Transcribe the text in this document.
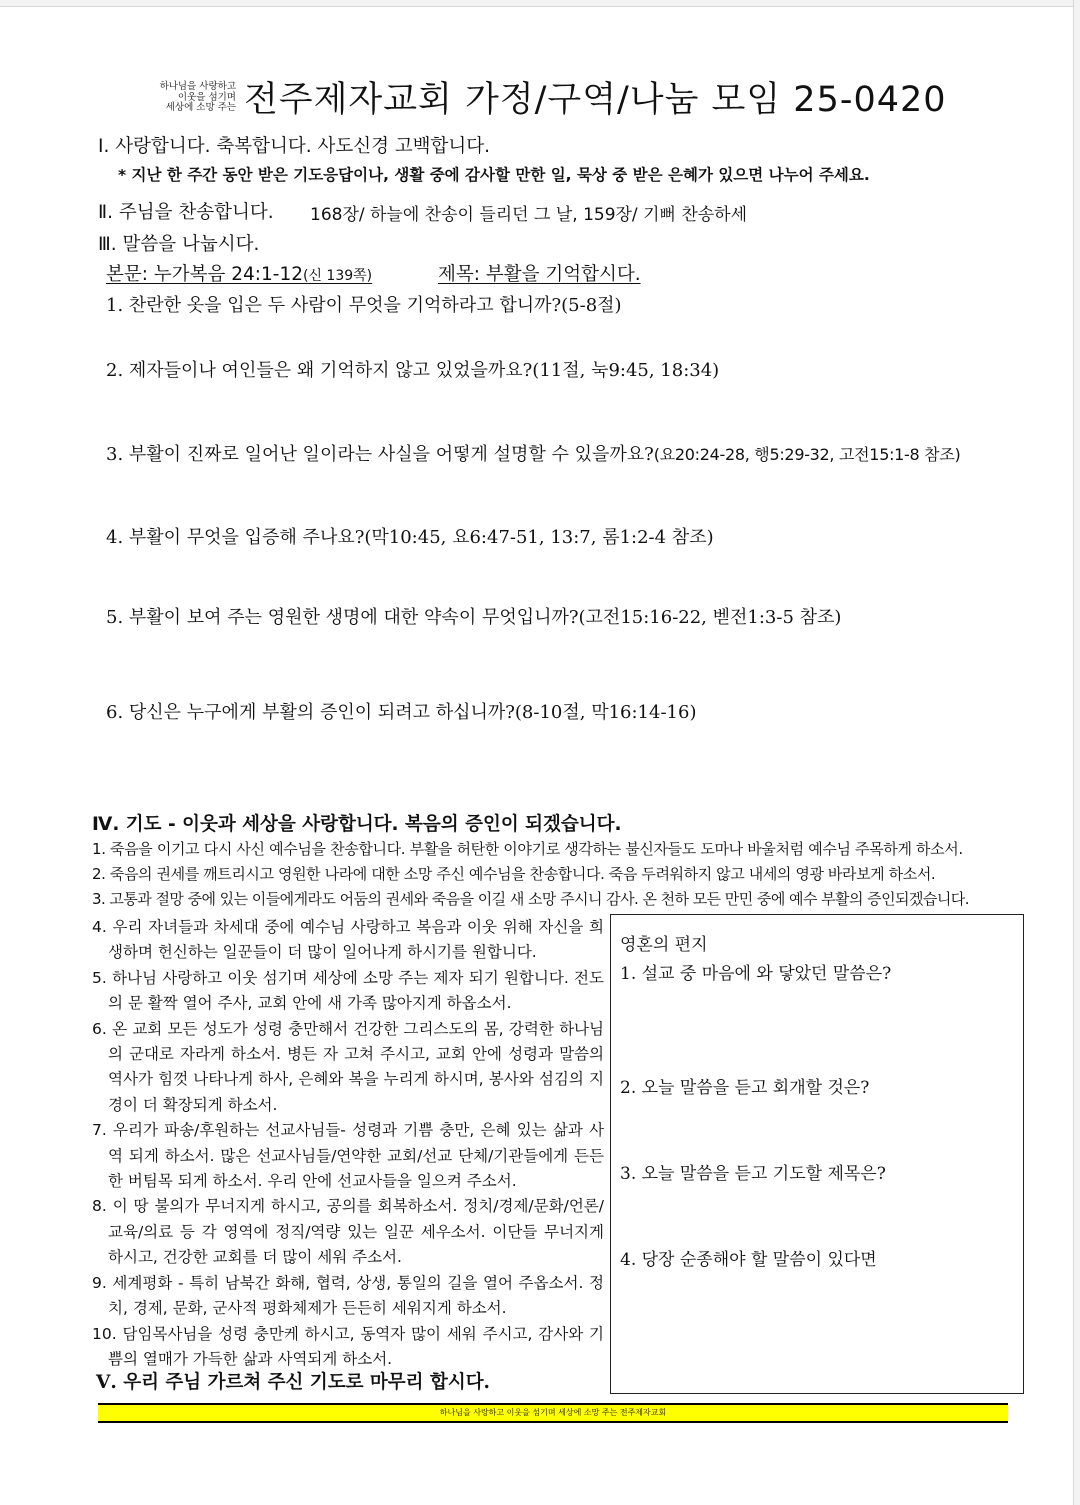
하나님을 사랑하고
이웃을 섬기며
세상에 소망 주는 전주제자교회 가정/구역/나눔 모임 25-0420
Ⅰ. 사랑합니다. 축복합니다. 사도신경 고백합니다.
* 지난 한 주간 동안 받은 기도응답이나, 생활 중에 감사할 만한 일, 묵상 중 받은 은혜가 있으면 나누어 주세요.
Ⅱ. 주님을 찬송합니다. 168장/ 하늘에 찬송이 들리던 그 날, 159장/ 기뻐 찬송하세
Ⅲ. 말씀을 나눕시다.
본문: 누가복음 24:1-12(신 139쪽)	제목: 부활을 기억합시다.
1. 찬란한 옷을 입은 두 사람이 무엇을 기억하라고 합니까?(5-8절)
2. 제자들이나 여인들은 왜 기억하지 않고 있었을까요?(11절, 눅9:45, 18:34)
3. 부활이 진짜로 일어난 일이라는 사실을 어떻게 설명할 수 있을까요?(요20:24-28, 행5:29-32, 고전15:1-8 참조)
4. 부활이 무엇을 입증해 주나요?(막10:45, 요6:47-51, 13:7, 롬1:2-4 참조)
5. 부활이 보여 주는 영원한 생명에 대한 약속이 무엇입니까?(고전15:16-22, 벧전1:3-5 참조)
6. 당신은 누구에게 부활의 증인이 되려고 하십니까?(8-10절, 막16:14-16)
Ⅳ. 기도 - 이웃과 세상을 사랑합니다. 복음의 증인이 되겠습니다.
1. 죽음을 이기고 다시 사신 예수님을 찬송합니다. 부활을 허탄한 이야기로 생각하는 불신자들도 도마나 바울처럼 예수님 주목하게 하소서.
2. 죽음의 권세를 깨트리시고 영원한 나라에 대한 소망 주신 예수님을 찬송합니다. 죽음 두려워하지 않고 내세의 영광 바라보게 하소서.
3. 고통과 절망 중에 있는 이들에게라도 어둠의 권세와 죽음을 이길 새 소망 주시니 감사. 온 천하 모든 만민 중에 예수 부활의 증인되겠습니다.

4. 우리 자녀들과 차세대 중에 예수님 사랑하고 복음과 이웃 위해 자신을 희생하며 헌신하는 일꾼들이 더 많이 일어나게 하시기를 원합니다.

5. 하나님 사랑하고 이웃 섬기며 세상에 소망 주는 제자 되기 원합니다. 전도의 문 활짝 열어 주사, 교회 안에 새 가족 많아지게 하옵소서.

6. 온 교회 모든 성도가 성령 충만해서 건강한 그리스도의 몸, 강력한 하나님의 군대로 자라게 하소서. 병든 자 고쳐 주시고, 교회 안에 성령과 말씀의 역사가 힘껏 나타나게 하사, 은혜와 복을 누리게 하시며, 봉사와 섬김의 지경이 더 확장되게 하소서.

7. 우리가 파송/후원하는 선교사님들- 성령과 기쁨 충만, 은혜 있는 삶과 사역 되게 하소서. 많은 선교사님들/연약한 교회/선교 단체/기관들에게 든든한 버팀목 되게 하소서. 우리 안에 선교사들을 일으켜 주소서.

8. 이 땅 불의가 무너지게 하시고, 공의를 회복하소서. 정치/경제/문화/언론/교육/의료 등 각 영역에 정직/역량 있는 일꾼 세우소서. 이단들 무너지게 하시고, 건강한 교회를 더 많이 세워 주소서.

9. 세계평화 - 특히 남북간 화해, 협력, 상생, 통일의 길을 열어 주옵소서. 정치, 경제, 문화, 군사적 평화체제가 든든히 세워지게 하소서.

10. 담임목사님을 성령 충만케 하시고, 동역자 많이 세워 주시고, 감사와 기쁨의 열매가 가득한 삶과 사역되게 하소서.

Ⅴ. 우리 주님 가르쳐 주신 기도로 마무리 합시다.
영혼의 편지
1. 설교 중 마음에 와 닿았던 말씀은?
2. 오늘 말씀을 듣고 회개할 것은?
3. 오늘 말씀을 듣고 기도할 제목은?
4. 당장 순종해야 할 말씀이 있다면
하나님을 사랑하고 이웃을 섬기며 세상에 소망 주는 전주제자교회
